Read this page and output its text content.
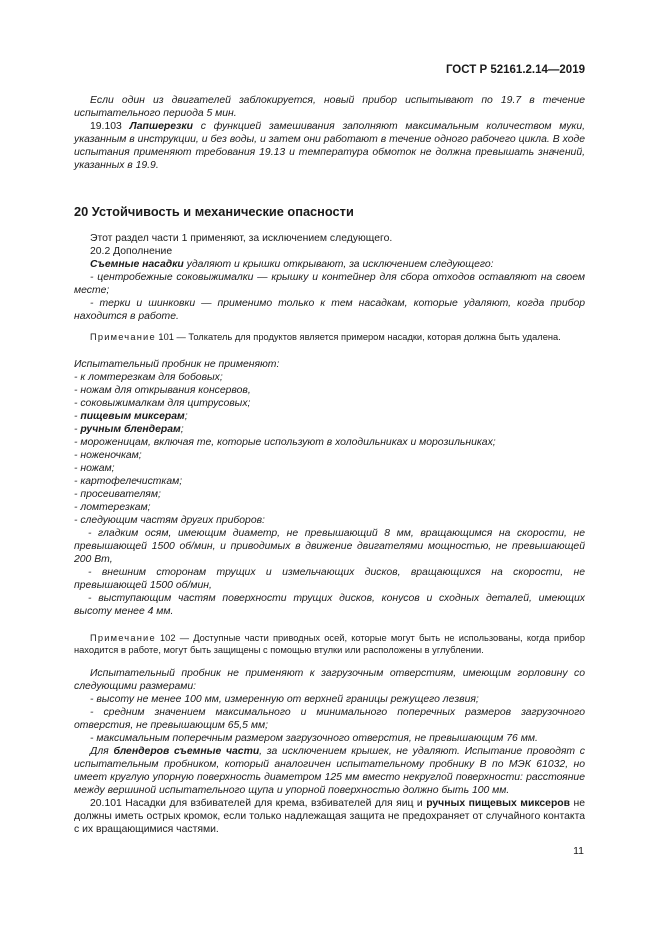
ГОСТ Р 52161.2.14—2019

Если один из двигателей заблокируется, новый прибор испытывают по 19.7 в течение испытательного периода 5 мин.

19.103 Лапшерезки с функцией замешивания заполняют максимальным количеством муки, указанным в инструкции, и без воды, и затем они работают в течение одного рабочего цикла. В ходе испытания применяют требования 19.13 и температура обмоток не должна превышать значений, указанных в 19.9.

20 Устойчивость и механические опасности

Этот раздел части 1 применяют, за исключением следующего.

20.2 Дополнение

Съемные насадки удаляют и крышки открывают, за исключением следующего:

- центробежные соковыжималки — крышку и контейнер для сбора отходов оставляют на своем месте;

- терки и шинковки — применимо только к тем насадкам, которые удаляют, когда прибор находится в работе.

Примечание 101 — Толкатель для продуктов является примером насадки, которая должна быть удалена.

Испытательный пробник не применяют:

- к ломтерезкам для бобовых;

- ножам для открывания консервов,

- соковыжималкам для цитрусовых;

- пищевым миксерам;

- ручным блендерам;

- мороженицам, включая те, которые используют в холодильниках и морозильниках;

- ноженочкам;

- ножам;

- картофелечисткам;

- просеивателям;

- ломтерезкам;

- следующим частям других приборов:

- гладким осям, имеющим диаметр, не превышающий 8 мм, вращающимся на скорости, не превышающей 1500 об/мин, и приводимых в движение двигателями мощностью, не превышающей 200 Вт,

- внешним сторонам трущих и измельчающих дисков, вращающихся на скорости, не превышающей 1500 об/мин,

- выступающим частям поверхности трущих дисков, конусов и сходных деталей, имеющих высоту менее 4 мм.

Примечание 102 — Доступные части приводных осей, которые могут быть не использованы, когда прибор находится в работе, могут быть защищены с помощью втулки или расположены в углублении.

Испытательный пробник не применяют к загрузочным отверстиям, имеющим горловину со следующими размерами:

- высоту не менее 100 мм, измеренную от верхней границы режущего лезвия;

- средним значением максимального и минимального поперечных размеров загрузочного отверстия, не превышающим 65,5 мм;

- максимальным поперечным размером загрузочного отверстия, не превышающим 76 мм.

Для блендеров съемные части, за исключением крышек, не удаляют. Испытание проводят с испытательным пробником, который аналогичен испытательному пробнику B по МЭК 61032, но имеет круглую упорную поверхность диаметром 125 мм вместо некруглой поверхности: расстояние между вершиной испытательного щупа и упорной поверхностью должно быть 100 мм.

20.101 Насадки для взбивателей для крема, взбивателей для яиц и ручных пищевых миксеров не должны иметь острых кромок, если только надлежащая защита не предохраняет от случайного контакта с их вращающимися частями.

11
